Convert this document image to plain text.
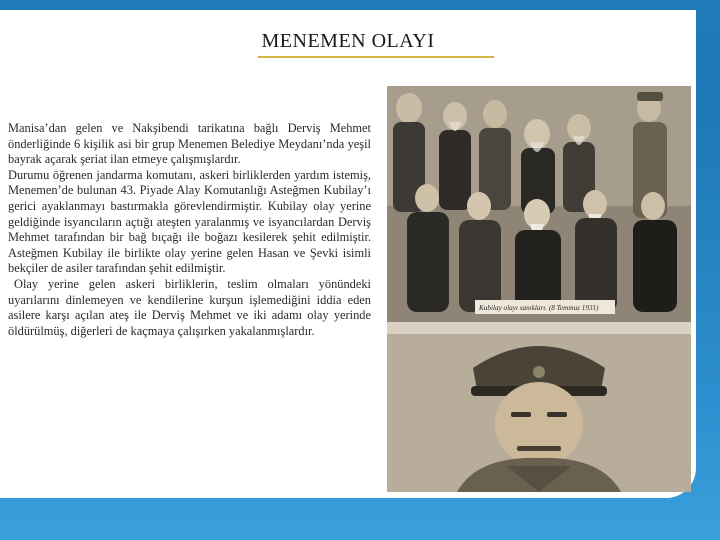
MENEMEN OLAYI

Manisa’dan gelen ve Nakşibendi tarikatına bağlı Derviş Mehmet önderliğinde 6 kişilik asi bir grup Menemen Belediye Meydanı’nda yeşil bayrak açarak şeriat ilan etmeye çalışmışlardır.

Durumu öğrenen jandarma komutanı, askeri birliklerden yardım istemiş, Menemen’de bulunan 43. Piyade Alay Komutanlığı Asteğmen Kubilay’ı gerici ayaklanmayı bastırmakla görevlendirmiştir. Kubilay olay yerine geldiğinde isyancıların açtığı ateşten yaralanmış ve isyancılardan Derviş Mehmet tarafından bir bağ bıçağı ile boğazı kesilerek şehit edilmiştir. Asteğmen Kubilay ile birlikte olay yerine gelen Hasan ve Şevki isimli bekçiler de asiler tarafından şehit edilmiştir.

Olay yerine gelen askeri birliklerin, teslim olmaları yönündeki uyarılarını dinlemeyen ve kendilerine kurşun işlemediğini iddia eden asilere karşı açılan ateş ile Derviş Mehmet ve iki adamı olay yerinde öldürülmüş, diğerleri de kaçmaya çalışırken yakalanmışlardır.

Kubilay olayı sanıkları. (8 Temmuz 1931)
